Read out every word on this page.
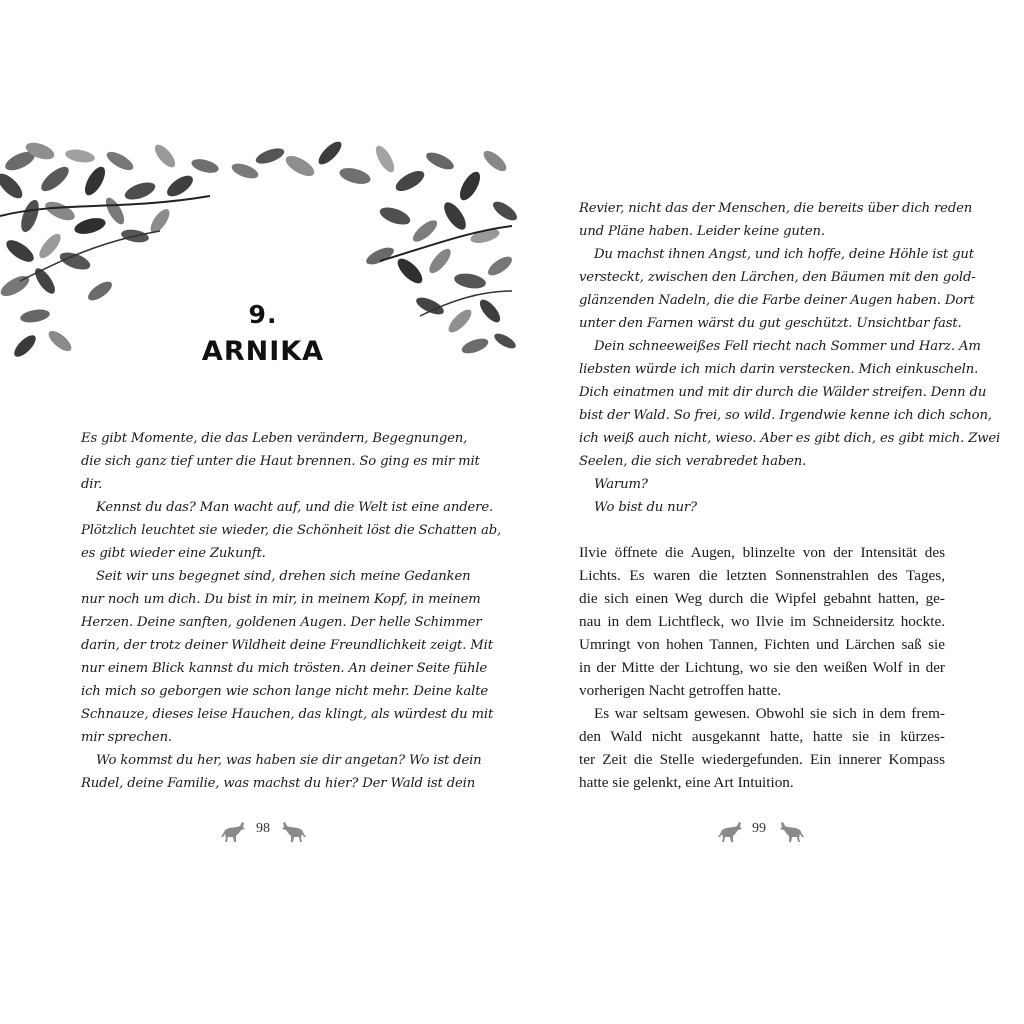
9.
ARNIKA
Es gibt Momente, die das Leben verändern, Begegnungen,
die sich ganz tief unter die Haut brennen. So ging es mir mit
dir.
Kennst du das? Man wacht auf, und die Welt ist eine andere.
Plötzlich leuchtet sie wieder, die Schönheit löst die Schatten ab,
es gibt wieder eine Zukunft.
Seit wir uns begegnet sind, drehen sich meine Gedanken
nur noch um dich. Du bist in mir, in meinem Kopf, in meinem
Herzen. Deine sanften, goldenen Augen. Der helle Schimmer
darin, der trotz deiner Wildheit deine Freundlichkeit zeigt. Mit
nur einem Blick kannst du mich trösten. An deiner Seite fühle
ich mich so geborgen wie schon lange nicht mehr. Deine kalte
Schnauze, dieses leise Hauchen, das klingt, als würdest du mit
mir sprechen.
Wo kommst du her, was haben sie dir angetan? Wo ist dein
Rudel, deine Familie, was machst du hier? Der Wald ist dein
98
Revier, nicht das der Menschen, die bereits über dich reden
und Pläne haben. Leider keine guten.
Du machst ihnen Angst, und ich hoffe, deine Höhle ist gut
versteckt, zwischen den Lärchen, den Bäumen mit den gold-
glänzenden Nadeln, die die Farbe deiner Augen haben. Dort
unter den Farnen wärst du gut geschützt. Unsichtbar fast.
Dein schneeweißes Fell riecht nach Sommer und Harz. Am
liebsten würde ich mich darin verstecken. Mich einkuscheln.
Dich einatmen und mit dir durch die Wälder streifen. Denn du
bist der Wald. So frei, so wild. Irgendwie kenne ich dich schon,
ich weiß auch nicht, wieso. Aber es gibt dich, es gibt mich. Zwei
Seelen, die sich verabredet haben.
Warum?
Wo bist du nur?
Ilvie öffnete die Augen, blinzelte von der Intensität des
Lichts. Es waren die letzten Sonnenstrahlen des Tages,
die sich einen Weg durch die Wipfel gebahnt hatten, ge-
nau in dem Lichtfleck, wo Ilvie im Schneidersitz hockte.
Umringt von hohen Tannen, Fichten und Lärchen saß sie
in der Mitte der Lichtung, wo sie den weißen Wolf in der
vorherigen Nacht getroffen hatte.
Es war seltsam gewesen. Obwohl sie sich in dem frem-
den Wald nicht ausgekannt hatte, hatte sie in kürzes-
ter Zeit die Stelle wiedergefunden. Ein innerer Kompass
hatte sie gelenkt, eine Art Intuition.
99
